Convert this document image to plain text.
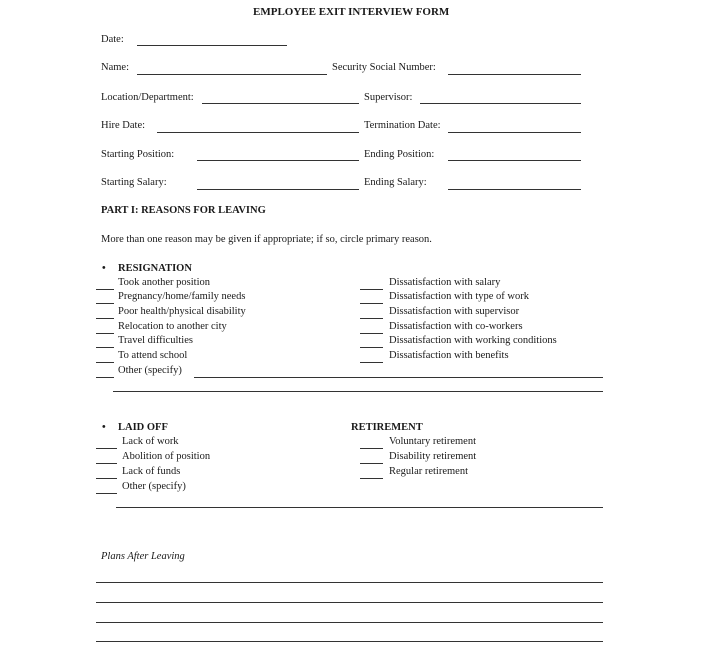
EMPLOYEE EXIT INTERVIEW FORM
Date:
Name:	Security Social Number:
Location/Department:	Supervisor:
Hire Date:	Termination Date:
Starting Position:	Ending Position:
Starting Salary:	Ending Salary:
PART I: REASONS FOR LEAVING
More than one reason may be given if appropriate; if so, circle primary reason.
• RESIGNATION
Took another position
Pregnancy/home/family needs
Poor health/physical disability
Relocation to another city
Travel difficulties
To attend school
Other (specify)
Dissatisfaction with salary
Dissatisfaction with type of work
Dissatisfaction with supervisor
Dissatisfaction with co-workers
Dissatisfaction with working conditions
Dissatisfaction with benefits
• LAID OFF
Lack of work
Abolition of position
Lack of funds
Other (specify)
RETIREMENT
Voluntary retirement
Disability retirement
Regular retirement
Plans After Leaving
